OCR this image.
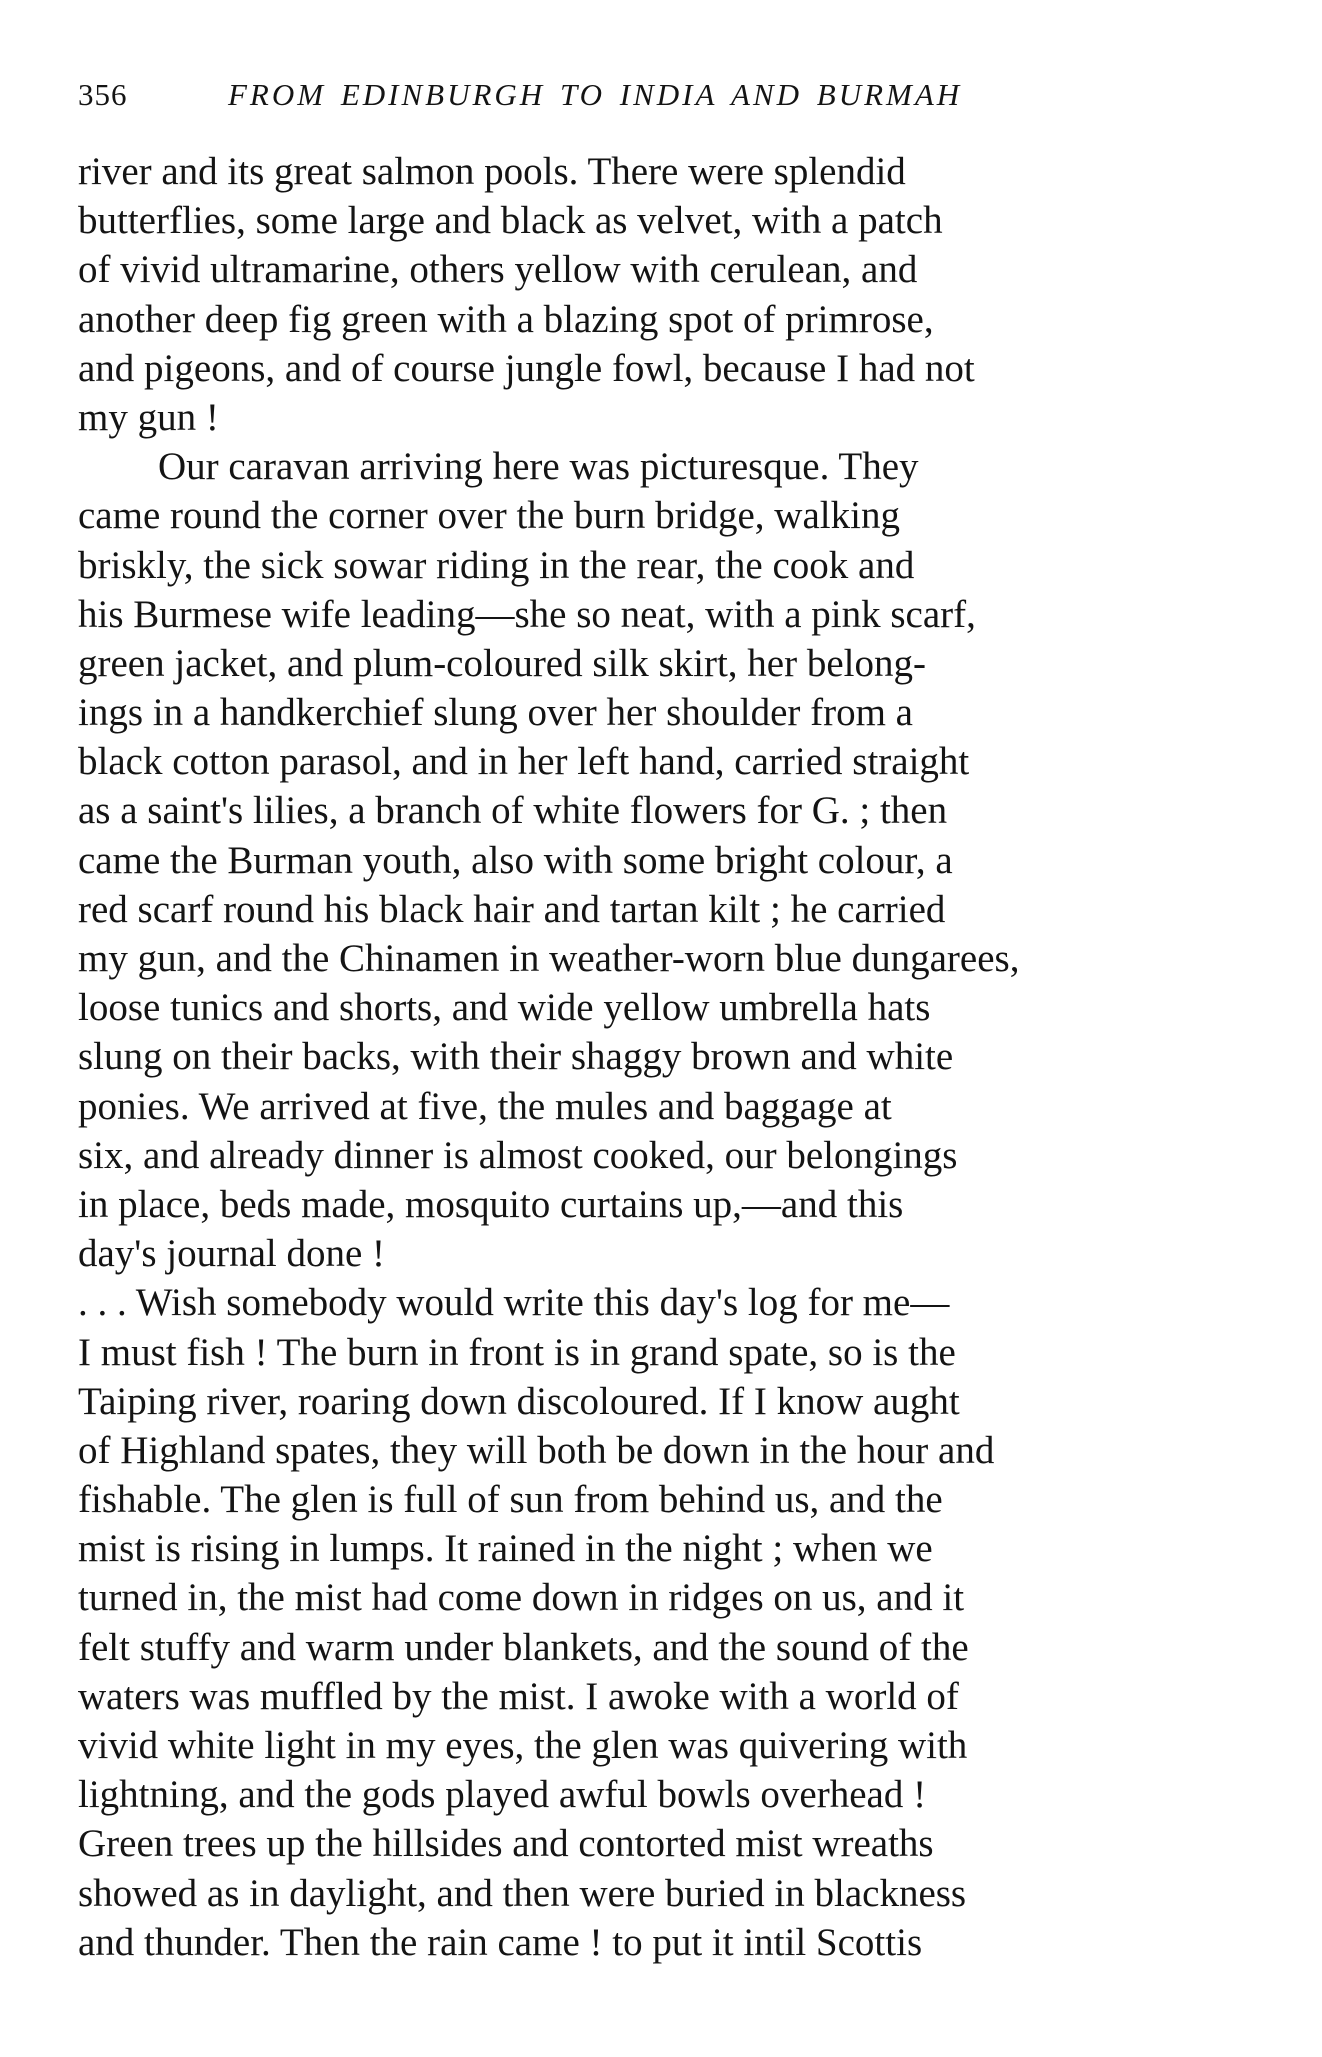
356	FROM EDINBURGH TO INDIA AND BURMAH
river and its great salmon pools. There were splendid
butterflies, some large and black as velvet, with a patch
of vivid ultramarine, others yellow with cerulean, and
another deep fig green with a blazing spot of primrose,
and pigeons, and of course jungle fowl, because I had not
my gun !
Our caravan arriving here was picturesque. They
came round the corner over the burn bridge, walking
briskly, the sick sowar riding in the rear, the cook and
his Burmese wife leading—she so neat, with a pink scarf,
green jacket, and plum-coloured silk skirt, her belong-
ings in a handkerchief slung over her shoulder from a
black cotton parasol, and in her left hand, carried straight
as a saint's lilies, a branch of white flowers for G. ; then
came the Burman youth, also with some bright colour, a
red scarf round his black hair and tartan kilt ; he carried
my gun, and the Chinamen in weather-worn blue dungarees,
loose tunics and shorts, and wide yellow umbrella hats
slung on their backs, with their shaggy brown and white
ponies. We arrived at five, the mules and baggage at
six, and already dinner is almost cooked, our belongings
in place, beds made, mosquito curtains up,—and this
day's journal done !
. . . Wish somebody would write this day's log for me—
I must fish ! The burn in front is in grand spate, so is the
Taiping river, roaring down discoloured. If I know aught
of Highland spates, they will both be down in the hour and
fishable. The glen is full of sun from behind us, and the
mist is rising in lumps. It rained in the night ; when we
turned in, the mist had come down in ridges on us, and it
felt stuffy and warm under blankets, and the sound of the
waters was muffled by the mist. I awoke with a world of
vivid white light in my eyes, the glen was quivering with
lightning, and the gods played awful bowls overhead !
Green trees up the hillsides and contorted mist wreaths
showed as in daylight, and then were buried in blackness
and thunder. Then the rain came ! to put it intil Scottis
